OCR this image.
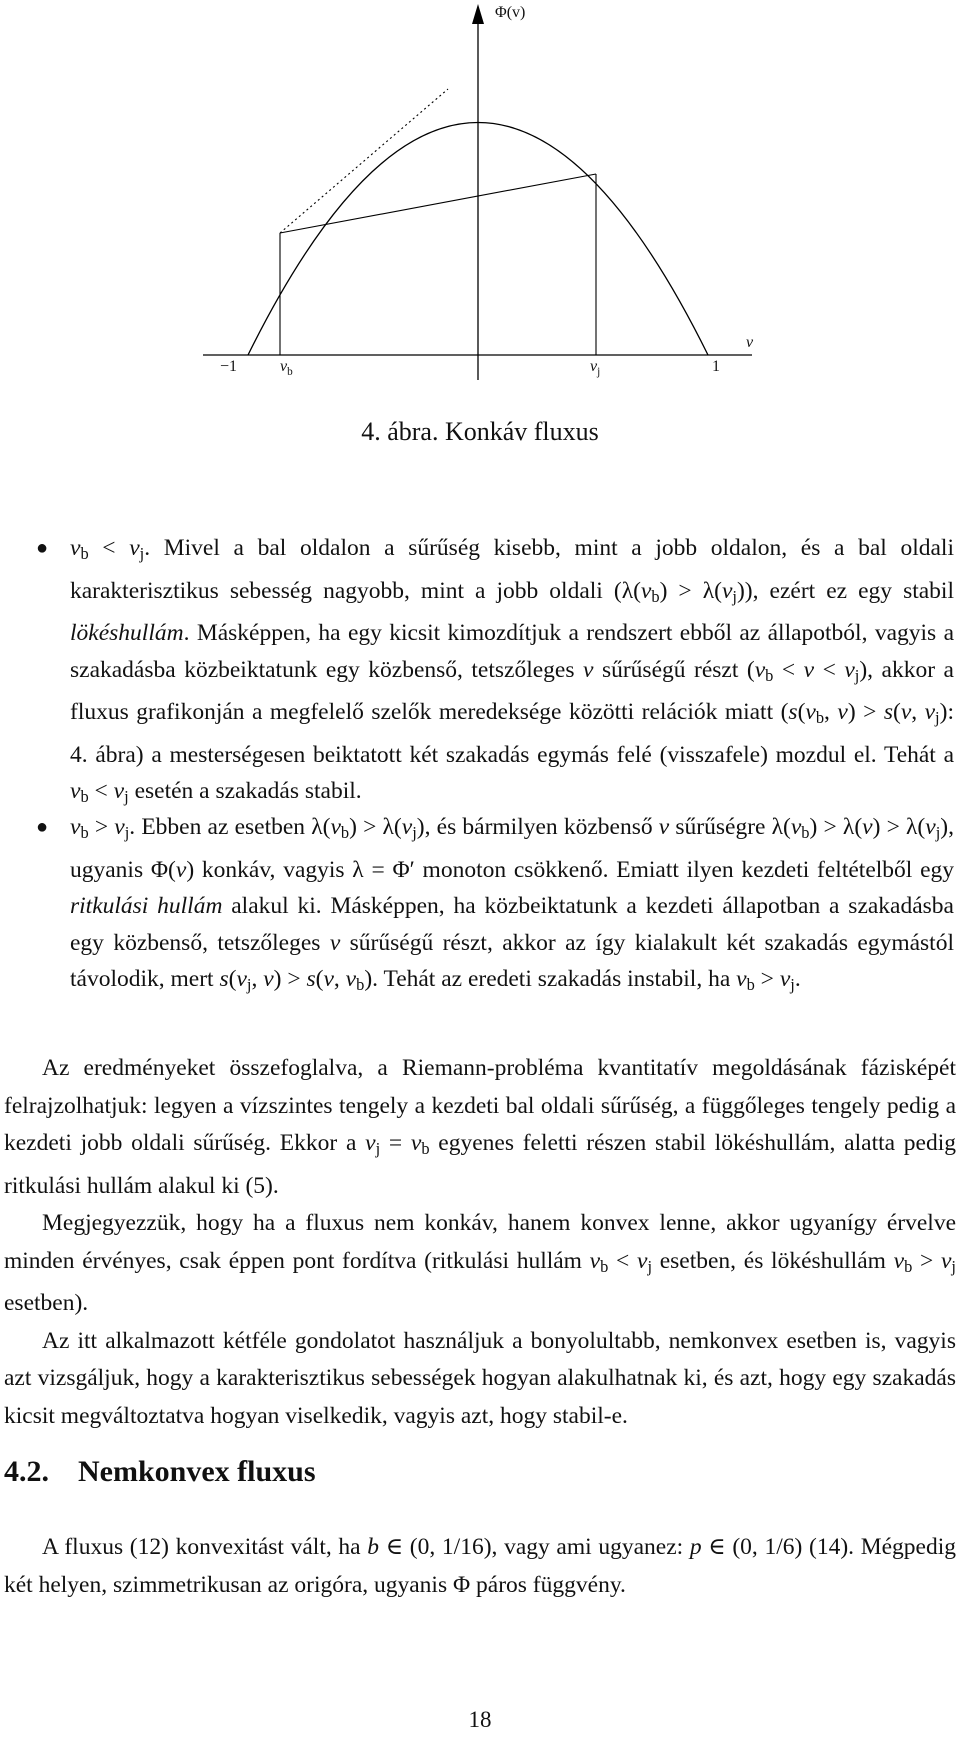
Φ(v)
v
−1	$v_b$	$v_j$	1
4. ábra. Konkáv fluxus
● $v_b < v_j$. Mivel a bal oldalon a sűrűség kisebb, mint a jobb oldalon, és a bal oldali karakterisztikus sebesség nagyobb, mint a jobb oldali $(\lambda(v_b) > \lambda(v_j))$, ezért ez egy stabil lökéshullám. Másképpen, ha egy kicsit kimozdítjuk a rendszert ebből az állapotból, vagyis a szakadásba közbeiktatunk egy közbenső, tetszőleges v sűrűségű részt $(v_b < v < v_j)$, akkor a fluxus grafikonján a megfelelő szelők meredeksége közötti relációk miatt ($s(v_b$, v) > s(v, $v_j$): 4. ábra) a mesterségesen beiktatott két szakadás egymás felé (visszafele) mozdul el. Tehát a $v_b < v_j$ esetén a szakadás stabil.
● $v_b > v_j$. Ebben az esetben $\lambda(v_b) > \lambda(v_j)$, és bármilyen közbenső v sűrűségre $\lambda(v_b) > \lambda(v) > \lambda(v_j)$, ugyanis Φ(v) konkáv, vagyis λ = Φ′ monoton csökkenő. Emiatt ilyen kezdeti feltételből egy ritkulási hullám alakul ki. Másképpen, ha közbeiktatunk a kezdeti állapotban a szakadásba egy közbenső, tetszőleges v sűrűségű részt, akkor az így kialakult két szakadás egymástól távolodik, mert $s(v_j$, v) > s(v, $v_b$). Tehát az eredeti szakadás instabil, ha $v_b > v_j$.

Az eredményeket összefoglalva, a Riemann-probléma kvantitatív megoldásának fázisképét felrajzolhatjuk: legyen a vízszintes tengely a kezdeti bal oldali sűrűség, a függőleges tengely pedig a kezdeti jobb oldali sűrűség. Ekkor a $v_j = v_b$ egyenes feletti részen stabil lökéshullám, alatta pedig ritkulási hullám alakul ki (5).

Megjegyezzük, hogy ha a fluxus nem konkáv, hanem konvex lenne, akkor ugyanígy érvelve minden érvényes, csak éppen pont fordítva (ritkulási hullám $v_b < v_j$ esetben, és lökéshullám $v_b > v_j$ esetben).

Az itt alkalmazott kétféle gondolatot használjuk a bonyolultabb, nemkonvex esetben is, vagyis azt vizsgáljuk, hogy a karakterisztikus sebességek hogyan alakulhatnak ki, és azt, hogy egy szakadás kicsit megváltoztatva hogyan viselkedik, vagyis azt, hogy stabil-e.

4.2. Nemkonvex fluxus

A fluxus (12) konvexitást vált, ha b ∈ (0, 1/16), vagy ami ugyanez: p ∈ (0, 1/6) (14). Mégpedig két helyen, szimmetrikusan az origóra, ugyanis Φ páros függvény.

18
